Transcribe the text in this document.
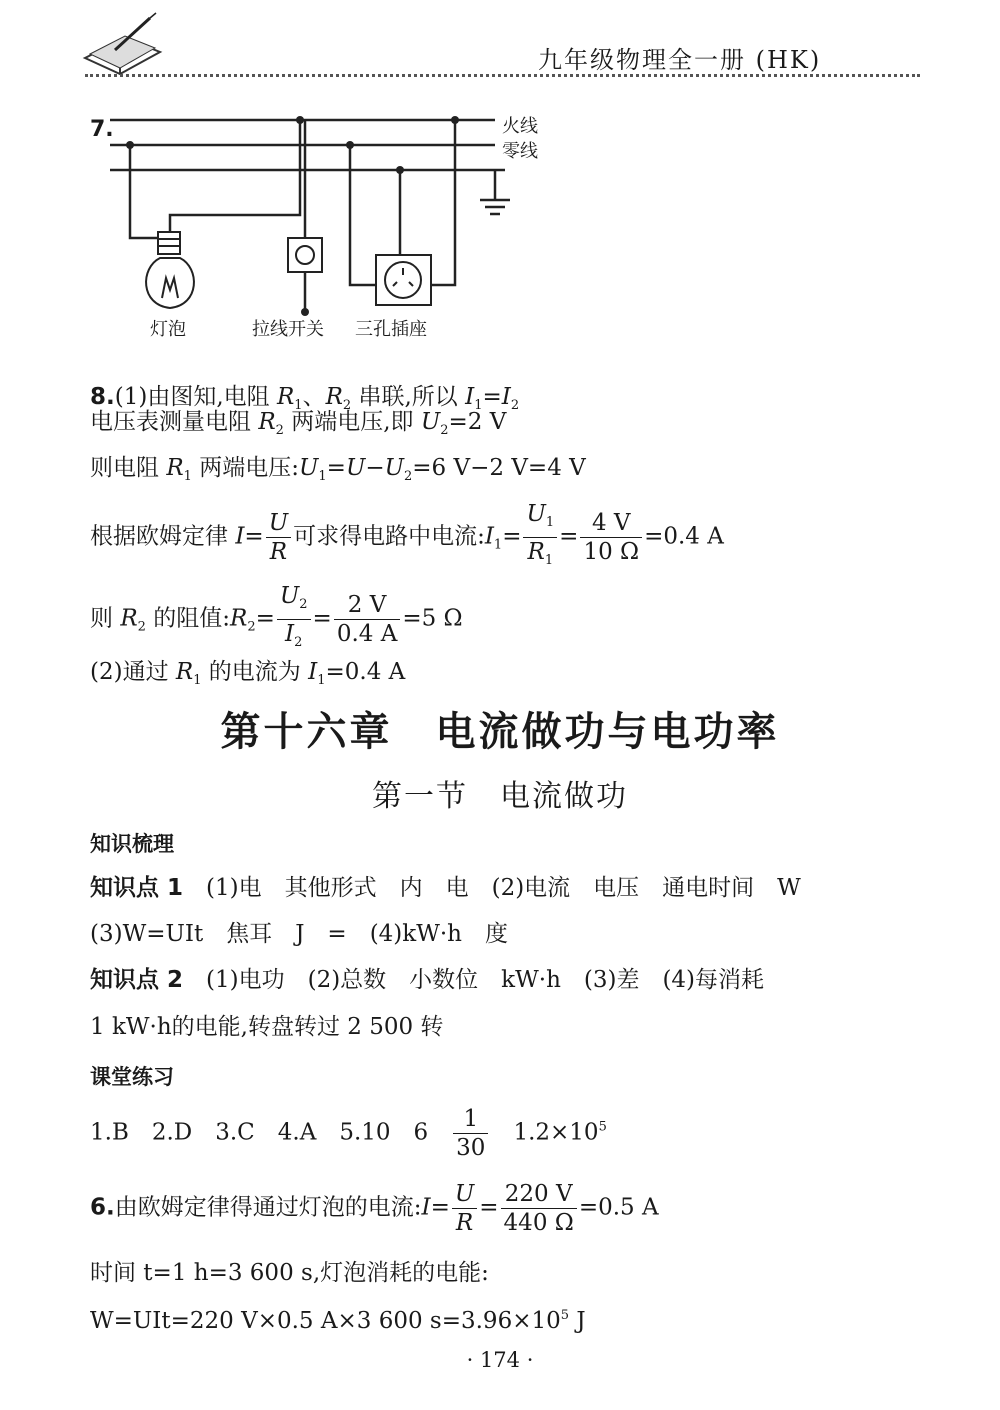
九年级物理全一册 (HK)
7.	火线
零线
灯泡	拉线开关 三孔插座
8.(1)由图知,电阻 $R_1$、$R_2$ 串联,所以 $I_1=I_2$
电压表测量电阻 $R_2$ 两端电压,即 $U_2=2$ V
则电阻 $R_1$ 两端电压$:U_1=U-U_2=6$ V−2 V=4 V
根据欧姆定律 $I= \frac{U}{R}$ 可求得电路中电流$:I_1= \frac{U_1}{R_1} = \frac{4 V}{10 \Omega} =0.4$ A
则 $R_2$ 的阻值$:R_2= \frac{U_2}{I_2} = \frac{2 V}{0.4 A} =5$ Ω
(2)通过 $R_1$ 的电流为 $I_1=0.4$ A
第十六章　电流做功与电功率
第一节　电流做功
知识梳理
知识点 1　 (1)电　其他形式　内　电　(2)电流　电压　通电时间　W
(3)W=UIt　焦耳　J　=　(4)kW·h　度
知识点 2　 (1)电功　(2)总数　小数位　kW·h　(3)差　(4)每消耗
1 kW·h的电能,转盘转过 2 500 转
课堂练习
1.B　2.D　3.C　4.A　5.10　6　 $\frac{1}{30}$
　 $1.2\times 10^5$
6.由欧姆定律得通过灯泡的电流:I= $\frac{U}{R} = \frac{220 V}{440 \Omega} =0.5$ A
时间 t=1 h=3 600 s,灯泡消耗的电能:
W=UIt=220 V×0.5 A×3 600 $s=3.96\times 10^5$ J
· 174 ·
